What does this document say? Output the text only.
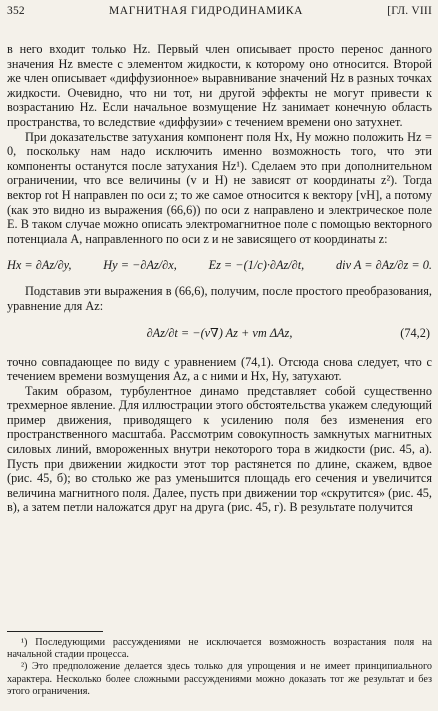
352	МАГНИТНАЯ ГИДРОДИНАМИКА	[ГЛ. VIII

в него входит только Hz. Первый член описывает просто перенос данного значения Hz вместе с элементом жидкости, к которому оно относится. Второй же член описывает «диффузионное» выравнивание значений Hz в разных точках жидкости. Очевидно, что ни тот, ни другой эффекты не могут привести к возрастанию Hz. Если начальное возмущение Hz занимает конечную область пространства, то вследствие «диффузии» с течением времени оно затухнет.

При доказательстве затухания компонент поля Hx, Hy можно положить Hz = 0, поскольку нам надо исключить именно возможность того, что эти компоненты останутся после затухания Hz¹). Сделаем это при дополнительном ограничении, что все величины (v и H) не зависят от координаты z²). Тогда вектор rot H направлен по оси z; то же самое относится к вектору [vH], а потому (как это видно из выражения (66,6)) по оси z направлено и электрическое поле E. В таком случае можно описать электромагнитное поле с помощью векторного потенциала A, направленного по оси z и не зависящего от координаты z:

Hx = ∂Az/∂y,	Hy = −∂Az/∂x,	Ez = −(1/c)·∂Az/∂t,	div A = ∂Az/∂z = 0.

Подставив эти выражения в (66,6), получим, после простого преобразования, уравнение для Az:

∂Az/∂t = −(v∇) Az + νm ΔAz,	(74,2)

точно совпадающее по виду с уравнением (74,1). Отсюда снова следует, что с течением времени возмущения Az, а с ними и Hx, Hy, затухают.

Таким образом, турбулентное динамо представляет собой существенно трехмерное явление. Для иллюстрации этого обстоятельства укажем следующий пример движения, приводящего к усилению поля без изменения его пространственного масштаба. Рассмотрим совокупность замкнутых магнитных силовых линий, вмороженных внутри некоторого тора в жидкости (рис. 45, а). Пусть при движении жидкости этот тор растянется по длине, скажем, вдвое (рис. 45, б); во столько же раз уменьшится площадь его сечения и увеличится величина магнитного поля. Далее, пусть при движении тор «скрутится» (рис. 45, в), а затем петли наложатся друг на друга (рис. 45, г). В результате получится

¹) Последующими рассуждениями не исключается возможность возрастания поля на начальной стадии процесса.

²) Это предположение делается здесь только для упрощения и не имеет принципиального характера. Несколько более сложными рассуждениями можно доказать тот же результат и без этого ограничения.
